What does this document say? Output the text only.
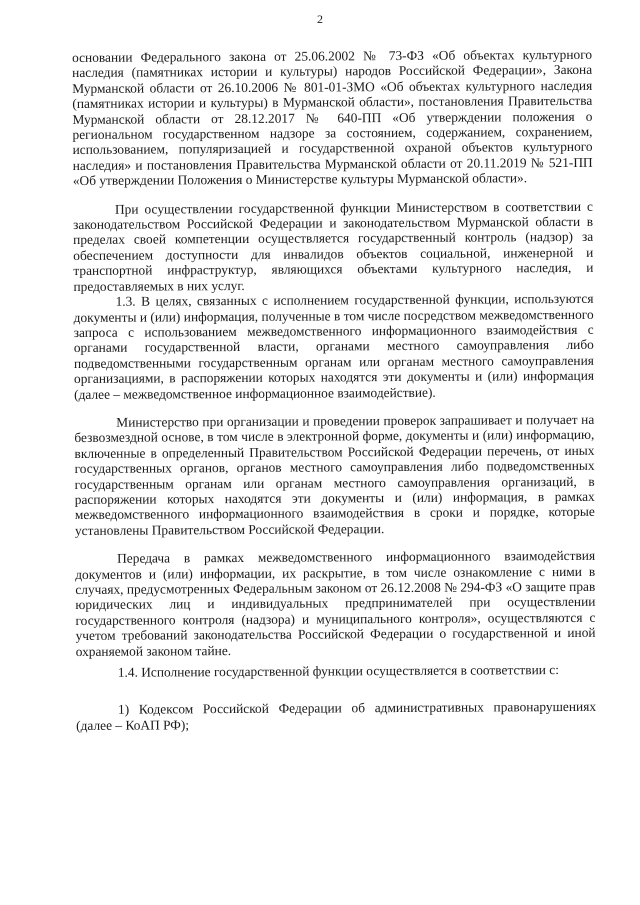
2

основании Федерального закона от 25.06.2002 № 73-ФЗ «Об объектах культурного наследия (памятниках истории и культуры) народов Российской Федерации», Закона Мурманской области от 26.10.2006 № 801-01-ЗМО «Об объектах культурного наследия (памятниках истории и культуры) в Мурманской области», постановления Правительства Мурманской области от 28.12.2017 № 640-ПП «Об утверждении положения о региональном государственном надзоре за состоянием, содержанием, сохранением, использованием, популяризацией и государственной охраной объектов культурного наследия» и постановления Правительства Мурманской области от 20.11.2019 № 521-ПП «Об утверждении Положения о Министерстве культуры Мурманской области».

При осуществлении государственной функции Министерством в соответствии с законодательством Российской Федерации и законодательством Мурманской области в пределах своей компетенции осуществляется государственный контроль (надзор) за обеспечением доступности для инвалидов объектов социальной, инженерной и транспортной инфраструктур, являющихся объектами культурного наследия, и предоставляемых в них услуг.

1.3. В целях, связанных с исполнением государственной функции, используются документы и (или) информация, полученные в том числе посредством межведомственного запроса с использованием межведомственного информационного взаимодействия с органами государственной власти, органами местного самоуправления либо подведомственными государственным органам или органам местного самоуправления организациями, в распоряжении которых находятся эти документы и (или) информация (далее – межведомственное информационное взаимодействие).

Министерство при организации и проведении проверок запрашивает и получает на безвозмездной основе, в том числе в электронной форме, документы и (или) информацию, включенные в определенный Правительством Российской Федерации перечень, от иных государственных органов, органов местного самоуправления либо подведомственных государственным органам или органам местного самоуправления организаций, в распоряжении которых находятся эти документы и (или) информация, в рамках межведомственного информационного взаимодействия в сроки и порядке, которые установлены Правительством Российской Федерации.

Передача в рамках межведомственного информационного взаимодействия документов и (или) информации, их раскрытие, в том числе ознакомление с ними в случаях, предусмотренных Федеральным законом от 26.12.2008 № 294-ФЗ «О защите прав юридических лиц и индивидуальных предпринимателей при осуществлении государственного контроля (надзора) и муниципального контроля», осуществляются с учетом требований законодательства Российской Федерации о государственной и иной охраняемой законом тайне.

1.4. Исполнение государственной функции осуществляется в соответствии с:

1) Кодексом Российской Федерации об административных правонарушениях (далее – КоАП РФ);
